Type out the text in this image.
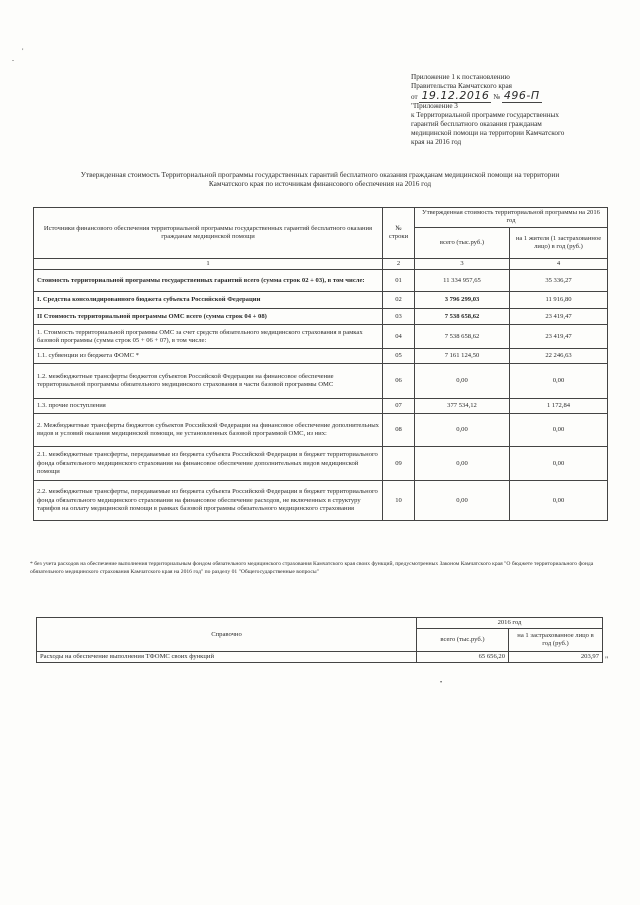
,
-
•
Приложение 1 к постановлению
Правительства Камчатского края
от 19.12.2016 № 496-П
"Приложение 3
к Территориальной программе государственных
гарантий бесплатного оказания гражданам
медицинской помощи на территории Камчатского
края на 2016 год
Утвержденная стоимость Территориальной программы государственных гарантий бесплатного оказания гражданам медицинской помощи на территории
Камчатского края по источникам финансового обеспечения на 2016 год
Источники финансового обеспечения территориальной программы государственных гарантий бесплатного оказания гражданам медицинской помощи	№ строки	Утвержденная стоимость территориальной программы на 2016 год	
		всего (тыс.руб.)	на 1 жителя (1 застрахованное лицо) в год (руб.)
1	2	3	4
Стоимость территориальной программы государственных гарантий всего (сумма строк 02 + 03), в том числе:	01	11 334 957,65	35 336,27
I. Средства консолидированного бюджета субъекта Российской Федерации	02	3 796 299,03	11 916,80
II Стоимость территориальной программы ОМС всего (сумма строк 04 + 08)	03	7 538 658,62	23 419,47
1. Стоимость территориальной программы ОМС за счет средств обязательного медицинского страхования в рамках базовой программы (сумма строк 05 + 06 + 07), в том числе:	04	7 538 658,62	23 419,47
1.1. субвенции из бюджета ФОМС *	05	7 161 124,50	22 246,63
1.2. межбюджетные трансферты бюджетов субъектов Российской Федерации на финансовое обеспечение территориальной программы обязательного медицинского страхования в части базовой программы ОМС	06	0,00	0,00
1.3. прочие поступления	07	377 534,12	1 172,84
2. Межбюджетные трансферты бюджетов субъектов Российской Федерации на финансовое обеспечение дополнительных видов и условий оказания медицинской помощи, не установленных базовой программой ОМС, из них:	08	0,00	0,00
2.1. межбюджетные трансферты, передаваемые из бюджета субъекта Российской Федерации в бюджет территориального фонда обязательного медицинского страхования на финансовое обеспечение дополнительных видов медицинской помощи	09	0,00	0,00
2.2. межбюджетные трансферты, передаваемые из бюджета субъекта Российской Федерации в бюджет территориального фонда обязательного медицинского страхования на финансовое обеспечение расходов, не включенных в структуру тарифов на оплату медицинской помощи в рамках базовой программы обязательного медицинского страхования	10	0,00	0,00
* без учета расходов на обеспечение выполнения территориальным фондом обязательного медицинского страхования Камчатского края своих функций, предусмотренных Законом Камчатского края "О бюджете территориального фонда обязательного медицинского страхования Камчатского края на 2016 год" по разделу 01 "Общегосударственные вопросы"
Справочно	2016 год	
	всего (тыс.руб.)	на 1 застрахованное лицо в год (руб.)
Расходы на обеспечение выполнения ТФОМС своих функций	65 656,20	203,97 "
